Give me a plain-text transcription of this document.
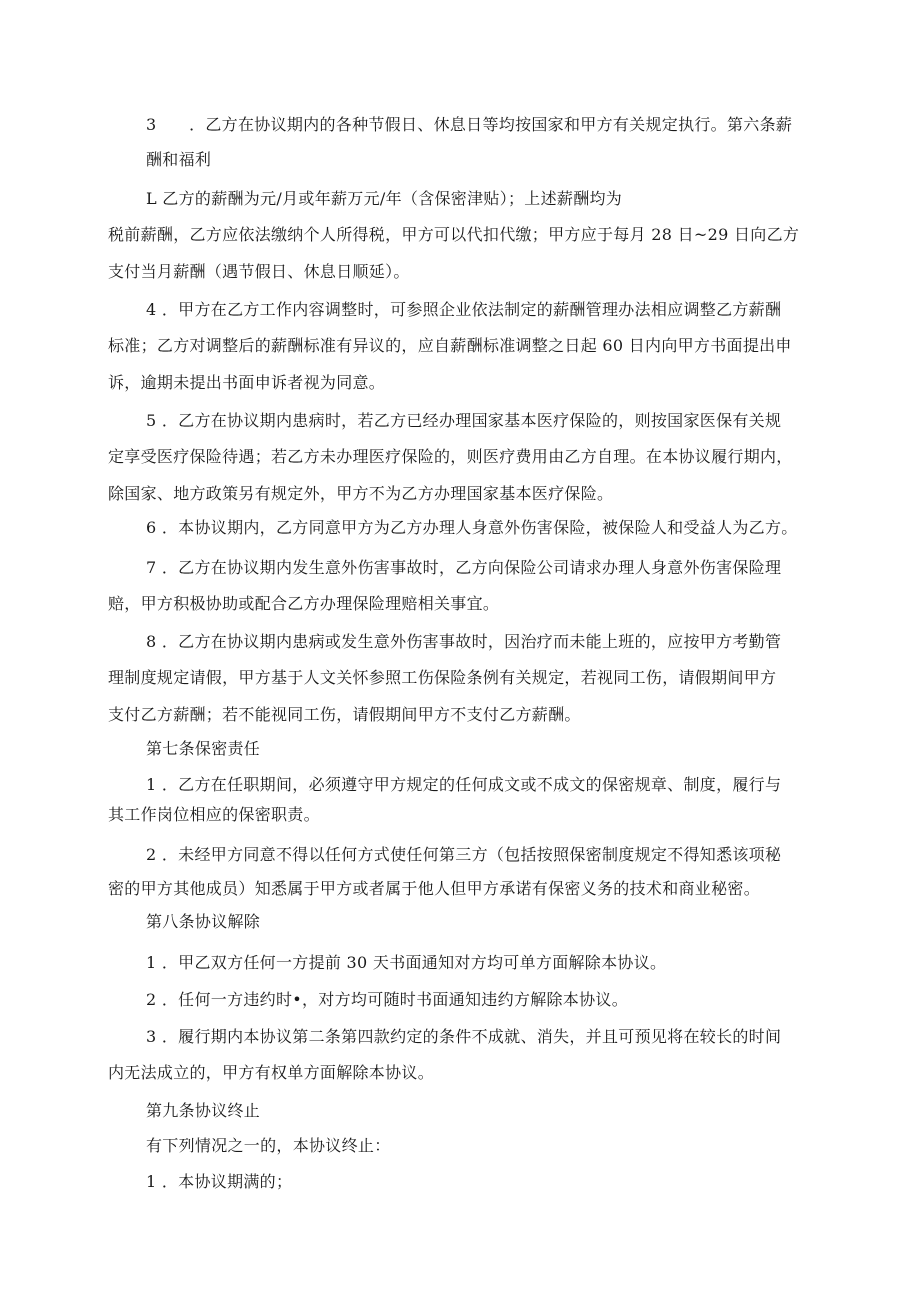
3　　．乙方在协议期内的各种节假日、休息日等均按国家和甲方有关规定执行。第六条薪
酬和福利
L 乙方的薪酬为元/月或年薪万元/年（含保密津贴）；上述薪酬均为
税前薪酬，乙方应依法缴纳个人所得税，甲方可以代扣代缴；甲方应于每月 28 日~29 日向乙方
支付当月薪酬（遇节假日、休息日顺延）。
4 ．甲方在乙方工作内容调整时，可参照企业依法制定的薪酬管理办法相应调整乙方薪酬
标准；乙方对调整后的薪酬标准有异议的，应自薪酬标准调整之日起 60 日内向甲方书面提出申
诉，逾期未提出书面申诉者视为同意。
5 ．乙方在协议期内患病时，若乙方已经办理国家基本医疗保险的，则按国家医保有关规
定享受医疗保险待遇；若乙方未办理医疗保险的，则医疗费用由乙方自理。在本协议履行期内，
除国家、地方政策另有规定外，甲方不为乙方办理国家基本医疗保险。
6 ．本协议期内，乙方同意甲方为乙方办理人身意外伤害保险，被保险人和受益人为乙方。
7 ．乙方在协议期内发生意外伤害事故时，乙方向保险公司请求办理人身意外伤害保险理
赔，甲方积极协助或配合乙方办理保险理赔相关事宜。
8 ．乙方在协议期内患病或发生意外伤害事故时，因治疗而未能上班的，应按甲方考勤管
理制度规定请假，甲方基于人文关怀参照工伤保险条例有关规定，若视同工伤，请假期间甲方
支付乙方薪酬；若不能视同工伤，请假期间甲方不支付乙方薪酬。
第七条保密责任
1 ．乙方在任职期间，必须遵守甲方规定的任何成文或不成文的保密规章、制度，履行与
其工作岗位相应的保密职责。
2 ．未经甲方同意不得以任何方式使任何第三方（包括按照保密制度规定不得知悉该项秘
密的甲方其他成员）知悉属于甲方或者属于他人但甲方承诺有保密义务的技术和商业秘密。
第八条协议解除
1 ．甲乙双方任何一方提前 30 天书面通知对方均可单方面解除本协议。
2 ．任何一方违约时•，对方均可随时书面通知违约方解除本协议。
3 ．履行期内本协议第二条第四款约定的条件不成就、消失，并且可预见将在较长的时间
内无法成立的，甲方有权单方面解除本协议。
第九条协议终止
有下列情况之一的，本协议终止：
1 ．本协议期满的；
